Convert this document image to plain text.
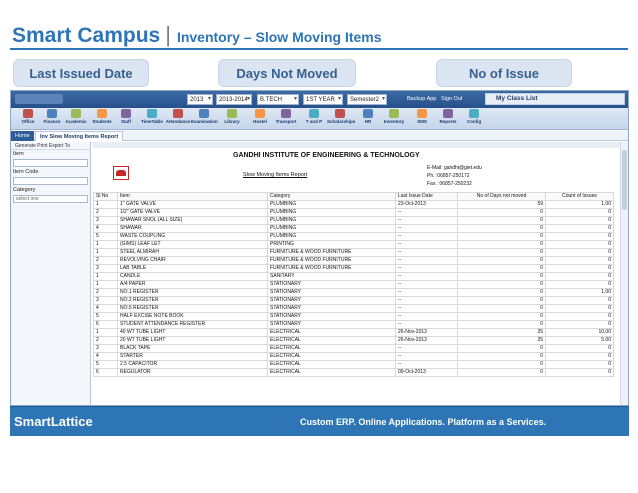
Smart Campus | Inventory – Slow Moving Items
Last Issued Date	Days Not Moved	No of Issue
2013 ▾	2013-2014 ▾	B.TECH ▾	1ST YEAR ▾	Semester2 ▾	Backup App Sign Out	My Class List
Office	Finance	Academic	Students	Staff	TimeTable Attendance Examination	Library	Hostel	Transport	T and P	Scholarships	HR	Inventory	SMS	Reports	Config
Home	Inv Slow Moving Items Report
Generate Print Export To
Item
Item Code
Category
select one
GANDHI INSTITUTE OF ENGINEERING & TECHNOLOGY
Slow Moving Items Report
E-Mail: gandhi@giet.edu
Ph. :06857-250172
Fax. :06857-250232
Sl No	Item	Category	Last Issue Date	No of Days not moved	Count of Issues
1	1" GATE VALVE	PLUMBING	23-Oct-2013	59	1.00
2	1/2" GATE VALVE	PLUMBING	--	0	0
3	SHAWAR SNOL (ALL SIZE)	PLUMBING	--	0	0
4	SHAWAR	PLUMBING	--	0	0
5	WASTE COUPLING	PLUMBING	--	0	0
1	(GIMS) LEAF LET	PRINTING	--	0	0
1	STEEL ALMIRAH	FURNITURE & WOOD FURNITURE	--	0	0
2	REVOLVING CHAIR	FURNITURE & WOOD FURNITURE	--	0	0
3	LAB TABLE	FURNITURE & WOOD FURNITURE	--	0	0
1	CANDLE	SANITARY	--	0	0
1	A/4 PAPER	STATIONARY	--	0	0
2	NO.1 REGISTER	STATIONARY	--	0	1.00
3	NO.2 REGISTER	STATIONARY	--	0	0
4	NO.5 REGISTER	STATIONARY	--	0	0
5	HALF EXCISE NOTE BOOK	STATIONARY	--	0	0
6	STUDENT ATTENDANCE REGISTER	STATIONARY	--	0	0
1	40 WT TUBE LIGHT	ELECTRICAL	26-Nov-2013	25	10.00
2	20 WT TUBE LIGHT	ELECTRICAL	26-Nov-2013	25	5.00
3	BLACK TAPE	ELECTRICAL	--	0	0
4	STARTER	ELECTRICAL	--	0	0
5	2.5 CAPACITOR	ELECTRICAL	--	0	0
6	REGULATOR	ELECTRICAL	09-Oct-2013	0	0
SmartLattice	Custom ERP. Online Applications. Platform as a Services.
